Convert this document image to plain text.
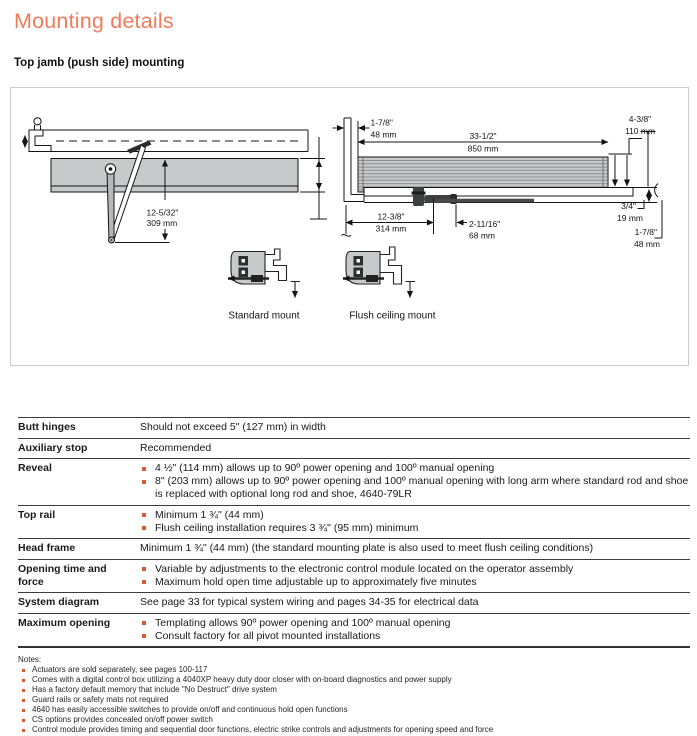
Mounting details
Top jamb (push side) mounting
12-5/32"
309 mm
1-7/8"
48 mm	33-1/2"
850 mm
4-3/8"
110 mm
12-3/8"
314 mm	2-11/16"
68 mm
3/4"
19 mm
1-7/8"
48 mm
Standard mount	Flush ceiling mount
Butt hinges	Should not exceed 5" (127 mm) in width
Auxiliary stop	Recommended
Reveal	4 ½" (114 mm) allows up to 90º power opening and 100º manual opening
8" (203 mm) allows up to 90º power opening and 100º manual opening with long arm where standard rod and shoe is replaced with optional long rod and shoe, 4640-79LR
Top rail	Minimum 1 ¾" (44 mm)
Flush ceiling installation requires 3 ¾" (95 mm) minimum
Head frame	Minimum 1 ¾" (44 mm) (the standard mounting plate is also used to meet flush ceiling conditions)
Opening time and force
Variable by adjustments to the electronic control module located on the operator assembly
Maximum hold open time adjustable up to approximately five minutes
System diagram	See page 33 for typical system wiring and pages 34-35 for electrical data
Maximum opening	Templating allows 90º power opening and 100º manual opening
Consult factory for all pivot mounted installations
Notes:
Actuators are sold separately, see pages 100-117
Comes with a digital control box utilizing a 4040XP heavy duty door closer with on-board diagnostics and power supply
Has a factory default memory that include "No Destruct" drive system
Guard rails or safety mats not required
4640 has easily accessible switches to provide on/off and continuous hold open functions
CS options provides concealed on/off power switch
Control module provides timing and sequential door functions, electric strike controls and adjustments for opening speed and force
